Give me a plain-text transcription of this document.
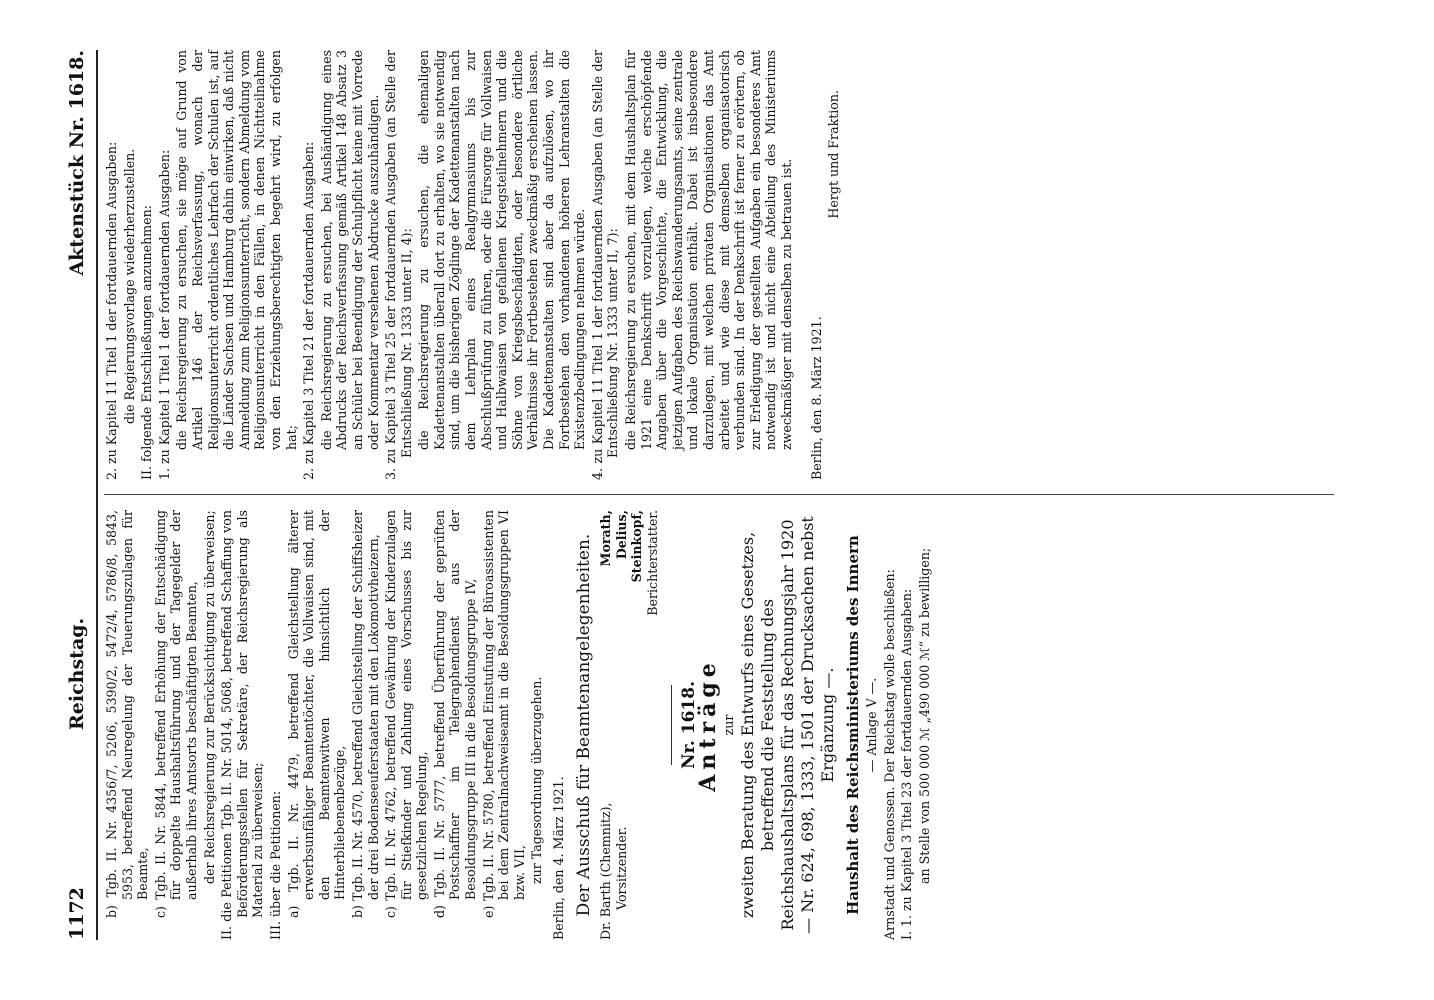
1172
Reichstag.
Aktenstück Nr. 1618.

b) Tgb. II. Nr. 4356/7, 5206, 5390/2, 5472/4, 5786/8, 5843, 5953, betreffend Neuregelung der Teuerungszulagen für Beamte, c) Tgb. II. Nr. 5844, betreffend Erhöhung der Entschädigung für doppelte Haushaltsführung und der Tagegelder der außerhalb ihres Amtsorts beschäftigten Beamten, der Reichsregierung zur Berücksichtigung zu überweisen; II. die Petitionen Tgb. II. Nr. 5014, 5068, betreffend Schaffung von Beförderungsstellen für Sekretäre, der Reichsregierung als Material zu überweisen; III. über die Petitionen: a) Tgb. II. Nr. 4479, betreffend Gleichstellung älterer erwerbsunfähiger Beamtentöchter, die Vollwaisen sind, mit den Beamtenwitwen hinsichtlich der Hinterbliebenenbezüge, b) Tgb. II. Nr. 4570, betreffend Gleichstellung der Schiffsheizer der drei Bodenseeuferstaaten mit den Lokomotivheizern, c) Tgb. II. Nr. 4762, betreffend Gewährung der Kinderzulagen für Stiefkinder und Zahlung eines Vorschusses bis zur gesetzlichen Regelung, d) Tgb. II. Nr. 5777, betreffend Überführung der geprüften Postschaffner im Telegraphendienst aus der Besoldungsgruppe III in die Besoldungsgruppe IV, e) Tgb. II. Nr. 5780, betreffend Einstufung der Büroassistenten bei dem Zentralnachweiseamt in die Besoldungsgruppen VI bzw. VII, zur Tagesordnung überzugehen. Berlin, den 4. März 1921. Der Ausschuß für Beamtenangelegenheiten. Dr. Barth (Chemnitz), Vorsitzender.
Morath, Delius, Steinkopf, Berichterstatter.

Nr. 1618.

Anträge zur zweiten Beratung des Entwurfs eines Gesetzes, betreffend die Feststellung des Reichshaushaltsplans für das Rechnungsjahr 1920 — Nr. 624, 698, 1333, 1501 der Drucksachen nebst Ergänzung —. Haushalt des Reichsministeriums des Innern — Anlage V —. Arnstadt und Genossen. Der Reichstag wolle beschließen: I. 1. zu Kapitel 3 Titel 23 der fortdauernden Ausgaben: an Stelle von 500 000 ℳ „490 000 ℳ“ zu bewilligen;

2. zu Kapitel 11 Titel 1 der fortdauernden Ausgaben: die Regierungsvorlage wiederherzustellen. II. folgende Entschließungen anzunehmen: 1. zu Kapitel 1 Titel 1 der fortdauernden Ausgaben: die Reichsregierung zu ersuchen, sie möge auf Grund von Artikel 146 der Reichsverfassung, wonach der Religionsunterricht ordentliches Lehrfach der Schulen ist, auf die Länder Sachsen und Hamburg dahin einwirken, daß nicht Anmeldung zum Religionsunterricht, sondern Abmeldung vom Religionsunterricht in den Fällen, in denen Nichtteilnahme von den Erziehungsberechtigten begehrt wird, zu erfolgen hat; 2. zu Kapitel 3 Titel 21 der fortdauernden Ausgaben: die Reichsregierung zu ersuchen, bei Aushändigung eines Abdrucks der Reichsverfassung gemäß Artikel 148 Absatz 3 an Schüler bei Beendigung der Schulpflicht keine mit Vorrede oder Kommentar versehenen Abdrucke auszuhändigen. 3. zu Kapitel 3 Titel 25 der fortdauernden Ausgaben (an Stelle der Entschließung Nr. 1333 unter II, 4): die Reichsregierung zu ersuchen, die ehemaligen Kadettenanstalten überall dort zu erhalten, wo sie notwendig sind, um die bisherigen Zöglinge der Kadettenanstalten nach dem Lehrplan eines Realgymnasiums bis zur Abschlußprüfung zu führen, oder die Fürsorge für Vollwaisen und Halbwaisen von gefallenen Kriegsteilnehmern und die Söhne von Kriegsbeschädigten, oder besondere örtliche Verhältnisse ihr Fortbestehen zweckmäßig erscheinen lassen. Die Kadettenanstalten sind aber da aufzulösen, wo ihr Fortbestehen den vorhandenen höheren Lehranstalten die Existenzbedingungen nehmen würde. 4. zu Kapitel 11 Titel 1 der fortdauernden Ausgaben (an Stelle der Entschließung Nr. 1333 unter II, 7): die Reichsregierung zu ersuchen, mit dem Haushaltsplan für 1921 eine Denkschrift vorzulegen, welche erschöpfende Angaben über die Vorgeschichte, die Entwicklung, die jetzigen Aufgaben des Reichswanderungsamts, seine zentrale und lokale Organisation enthält. Dabei ist insbesondere darzulegen, mit welchen privaten Organisationen das Amt arbeitet und wie diese mit demselben organisatorisch verbunden sind. In der Denkschrift ist ferner zu erörtern, ob zur Erledigung der gestellten Aufgaben ein besonderes Amt notwendig ist und nicht eine Abteilung des Ministeriums zweckmäßiger mit denselben zu betrauen ist. Berlin, den 8. März 1921.

Hergt und Fraktion.
